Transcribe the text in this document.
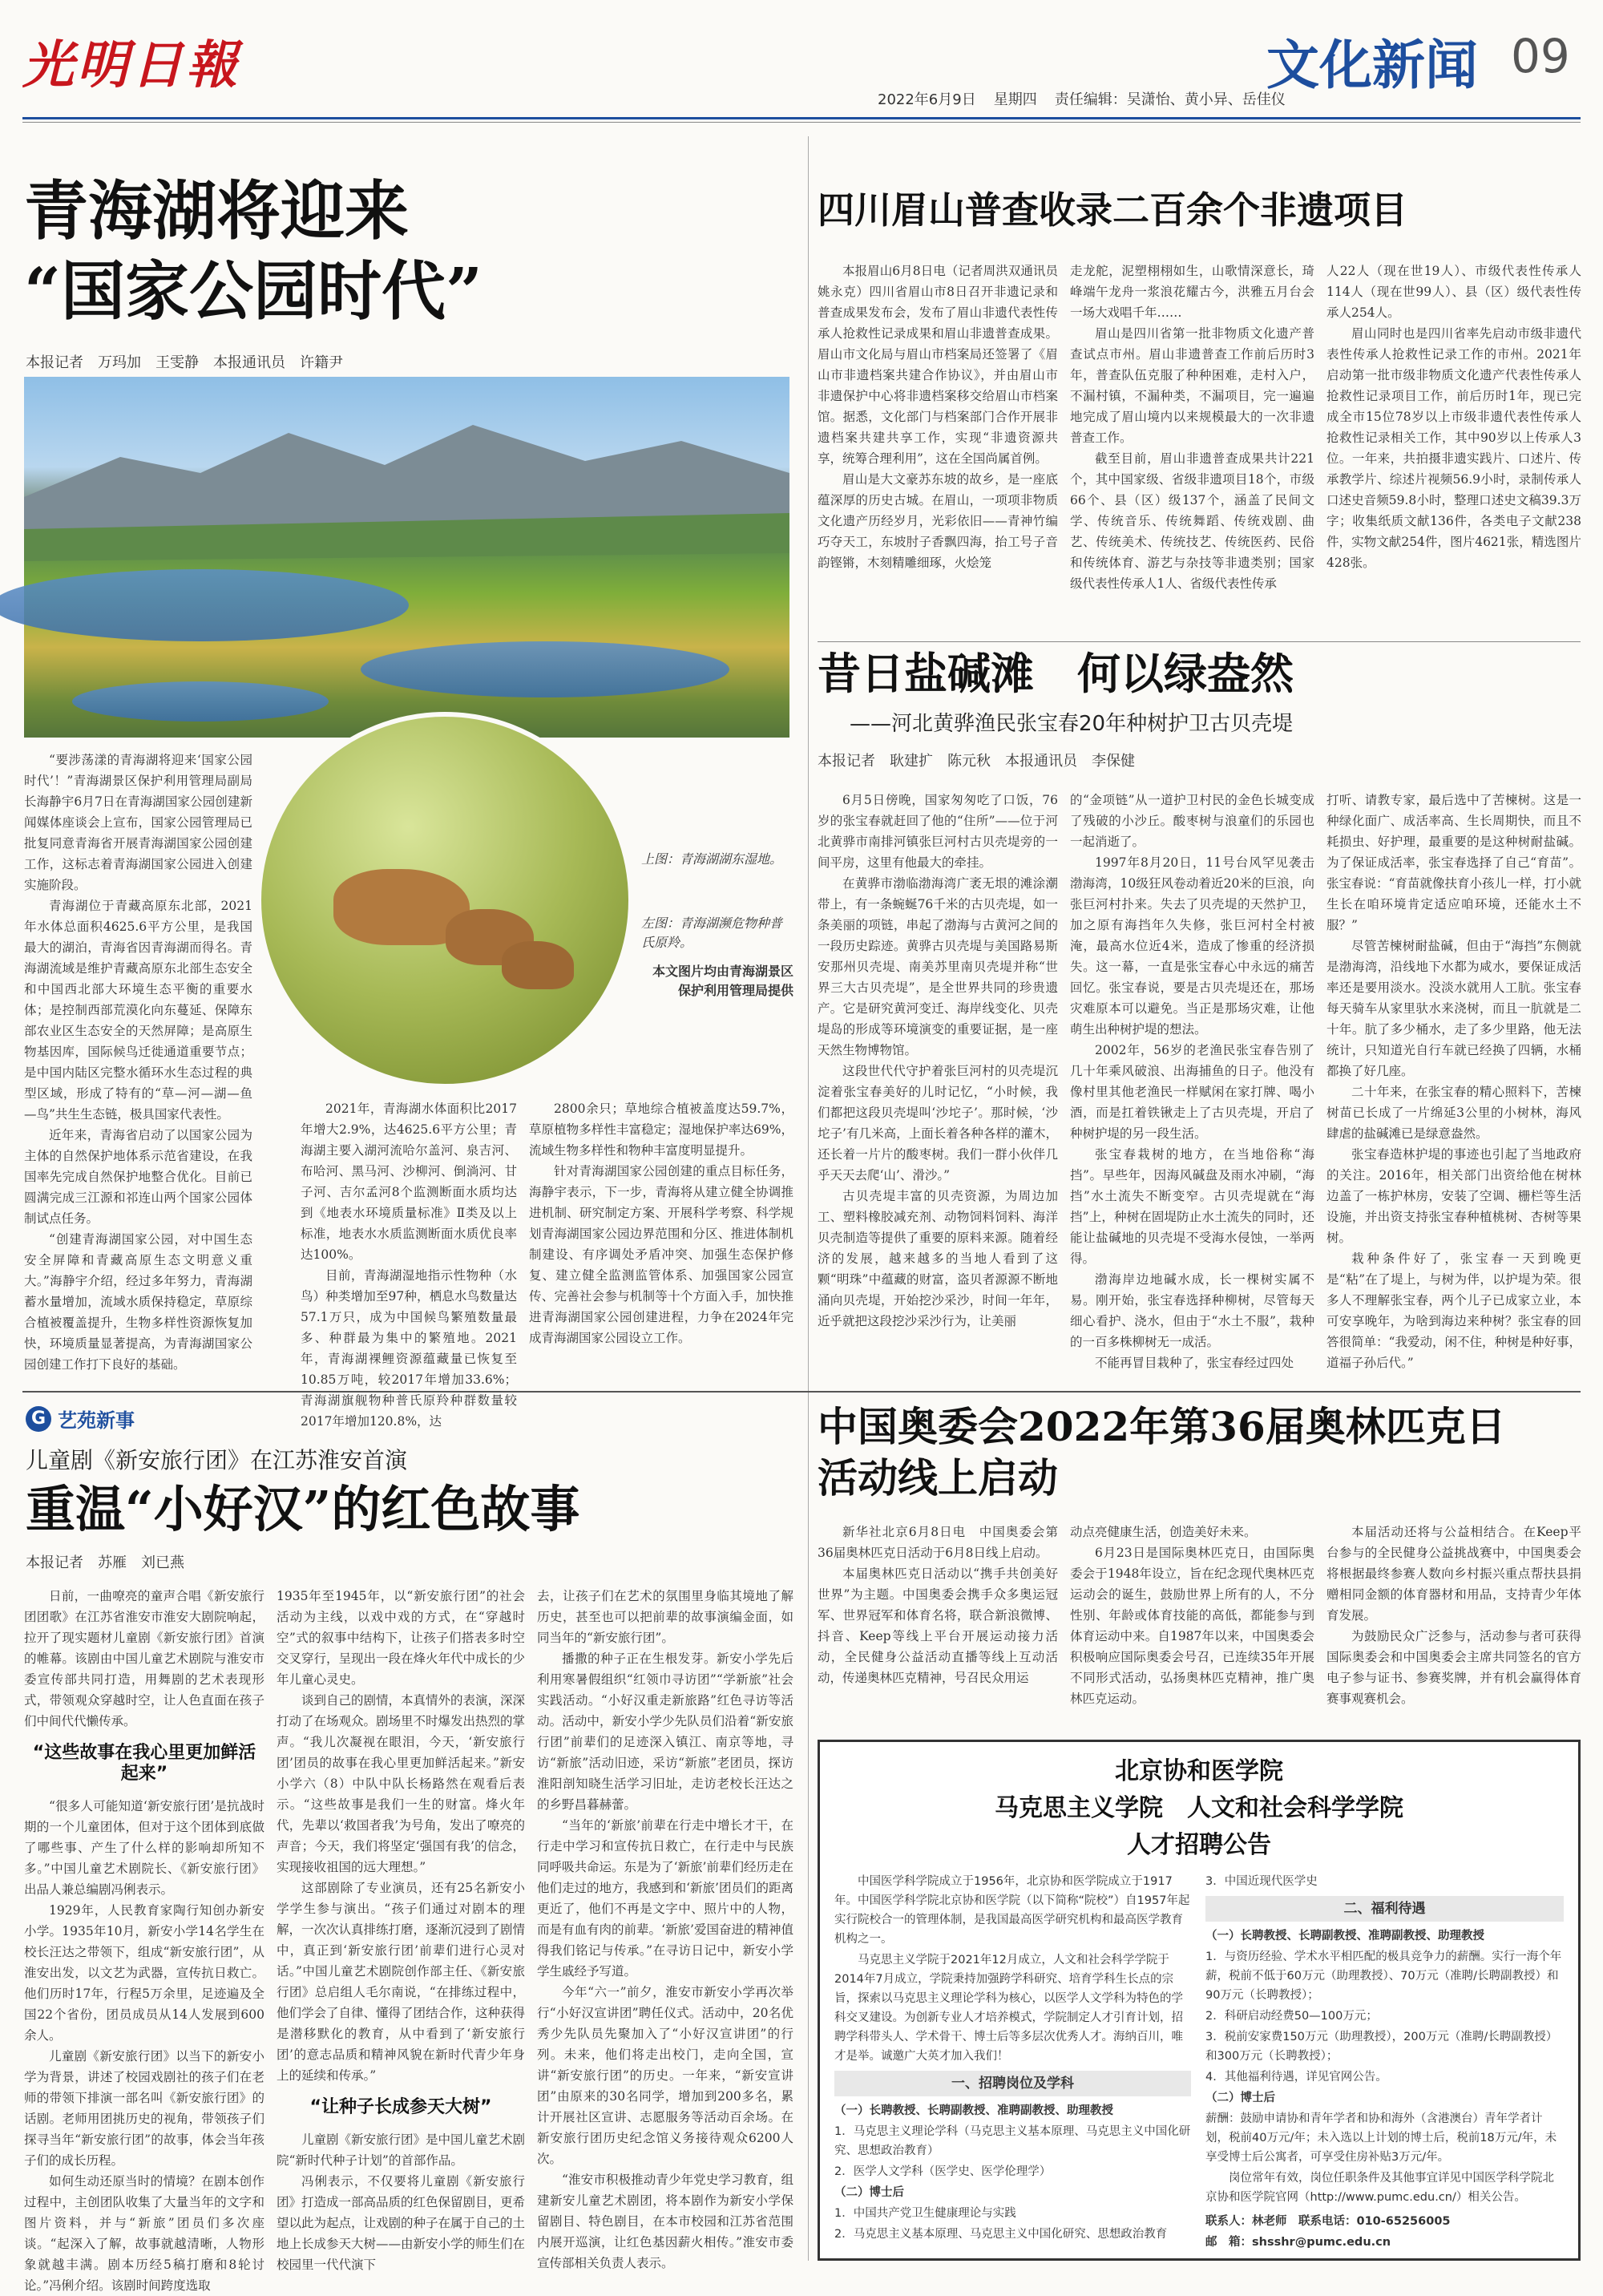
光明日報	文化新闻 09
2022年6月9日 星期四 责任编辑：吴潇怡、黄小异、岳佳仪
青海湖将迎来
“国家公园时代”
本报记者　万玛加　王雯静　本报通讯员　许籍尹
上图：青海湖湖东湿地。
左图：青海湖濒危物种普氏原羚。
本文图片均由青海湖景区保护利用管理局提供

“要涉荡漾的青海湖将迎来‘国家公园时代’！”青海湖景区保护利用管理局副局长海静宇6月7日在青海湖国家公园创建新闻媒体座谈会上宣布，国家公园管理局已批复同意青海省开展青海湖国家公园创建工作，这标志着青海湖国家公园进入创建实施阶段。

青海湖位于青藏高原东北部，2021年水体总面积4625.6平方公里，是我国最大的湖泊，青海省因青海湖而得名。青海湖流域是维护青藏高原东北部生态安全和中国西北部大环境生态平衡的重要水体；是控制西部荒漠化向东蔓延、保障东部农业区生态安全的天然屏障；是高原生物基因库，国际候鸟迁徙通道重要节点；是中国内陆区完整水循环水生态过程的典型区域，形成了特有的“草—河—湖—鱼—鸟”共生生态链，极具国家代表性。

近年来，青海省启动了以国家公园为主体的自然保护地体系示范省建设，在我国率先完成自然保护地整合优化。目前已圆满完成三江源和祁连山两个国家公园体制试点任务。

“创建青海湖国家公园，对中国生态安全屏障和青藏高原生态文明意义重大。”海静宇介绍，经过多年努力，青海湖蓄水量增加，流域水质保持稳定，草原综合植被覆盖提升，生物多样性资源恢复加快，环境质量显著提高，为青海湖国家公园创建工作打下良好的基础。

2021年，青海湖水体面积比2017年增大2.9%，达4625.6平方公里；青海湖主要入湖河流哈尔盖河、泉吉河、布哈河、黑马河、沙柳河、倒淌河、甘子河、吉尔孟河8个监测断面水质均达到《地表水环境质量标准》Ⅱ类及以上标准，地表水水质监测断面水质优良率达100%。

目前，青海湖湿地指示性物种（水鸟）种类增加至97种，栖息水鸟数量达57.1万只，成为中国候鸟繁殖数量最多、种群最为集中的繁殖地。2021年，青海湖裸鲤资源蕴藏量已恢复至10.85万吨，较2017年增加33.6%；青海湖旗舰物种普氏原羚种群数量较2017年增加120.8%，达

2800余只；草地综合植被盖度达59.7%，草原植物多样性丰富稳定；湿地保护率达69%，流域生物多样性和物种丰富度明显提升。

针对青海湖国家公园创建的重点目标任务，海静宇表示，下一步，青海将从建立健全协调推进机制、研究制定方案、开展科学考察、科学规划青海湖国家公园边界范围和分区、推进体制机制建设、有序调处矛盾冲突、加强生态保护修复、建立健全监测监管体系、加强国家公园宣传、完善社会参与机制等十个方面入手，加快推进青海湖国家公园创建进程，力争在2024年完成青海湖国家公园设立工作。

四川眉山普查收录二百余个非遗项目

本报眉山6月8日电（记者周洪双通讯员姚永克）四川省眉山市8日召开非遗记录和普查成果发布会，发布了眉山非遗代表性传承人抢救性记录成果和眉山非遗普查成果。眉山市文化局与眉山市档案局还签署了《眉山市非遗档案共建合作协议》，并由眉山市非遗保护中心将非遗档案移交给眉山市档案馆。据悉，文化部门与档案部门合作开展非遗档案共建共享工作，实现“非遗资源共享，统筹合理利用”，这在全国尚属首例。

眉山是大文豪苏东坡的故乡，是一座底蕴深厚的历史古城。在眉山，一项项非物质文化遗产历经岁月，光彩依旧——青神竹编巧夺天工，东坡肘子香飘四海，抬工号子音韵铿锵，木刻精雕细琢，火烩笼

走龙舵，泥塑栩栩如生，山歌情深意长，琦峰端午龙舟一浆浪花耀古今，洪雅五月台会一场大戏唱千年……

眉山是四川省第一批非物质文化遗产普查试点市州。眉山非遗普查工作前后历时3年，普查队伍克服了种种困难，走村入户，不漏村镇，不漏种类，不漏项目，完一遍遍地完成了眉山境内以来规模最大的一次非遗普查工作。

截至目前，眉山非遗普查成果共计221个，其中国家级、省级非遗项目18个，市级66个、县（区）级137个，涵盖了民间文学、传统音乐、传统舞蹈、传统戏剧、曲艺、传统美术、传统技艺、传统医药、民俗和传统体育、游艺与杂技等非遗类别；国家级代表性传承人1人、省级代表性传承

人22人（现在世19人）、市级代表性传承人114人（现在世99人）、县（区）级代表性传承人254人。

眉山同时也是四川省率先启动市级非遗代表性传承人抢救性记录工作的市州。2021年启动第一批市级非物质文化遗产代表性传承人抢救性记录项目工作，前后历时1年，现已完成全市15位78岁以上市级非遗代表性传承人抢救性记录相关工作，其中90岁以上传承人3位。一年来，共拍摄非遗实践片、口述片、传承教学片、综述片视频56.9小时，录制传承人口述史音频59.8小时，整理口述史文稿39.3万字；收集纸质文献136件，各类电子文献238件，实物文献254件，图片4621张，精选图片428张。

昔日盐碱滩　何以绿盎然
——河北黄骅渔民张宝春20年种树护卫古贝壳堤
本报记者　耿建扩　陈元秋　本报通讯员　李保健

6月5日傍晚，国家匆匆吃了口饭，76岁的张宝春就赶回了他的“住所”——位于河北黄骅市南排河镇张巨河村古贝壳堤旁的一间平房，这里有他最大的牵挂。

在黄骅市渤临渤海湾广袤无垠的滩涂潮带上，有一条蜿蜒76千米的古贝壳堤，如一条美丽的项链，串起了渤海与古黄河之间的一段历史踪迹。黄骅古贝壳堤与美国路易斯安那州贝壳堤、南美苏里南贝壳堤并称“世界三大古贝壳堤”，是全世界共同的珍贵遗产。它是研究黄河变迁、海岸线变化、贝壳堤岛的形成等环境演变的重要证据，是一座天然生物博物馆。

这段世代代守护着张巨河村的贝壳堤沉淀着张宝春美好的儿时记忆，“小时候，我们都把这段贝壳堤叫‘沙坨子’。那时候，‘沙坨子’有几米高，上面长着各种各样的灌木，还长着一片片的酸枣树。我们一群小伙伴几乎天天去爬‘山’、滑沙。”

古贝壳堤丰富的贝壳资源，为周边加工、塑料橡胶减充剂、动物饲料饲料、海洋贝壳制造等提供了重要的原料来源。随着经济的发展，越来越多的当地人看到了这颗“明珠”中蕴藏的财富，盗贝者源源不断地涌向贝壳堤，开始挖沙采沙，时间一年年，近乎就把这段挖沙采沙行为，让美丽

的“金项链”从一道护卫村民的金色长城变成了残破的小沙丘。酸枣树与浪童们的乐园也一起消逝了。

1997年8月20日，11号台风罕见袭击渤海湾，10级狂风卷动着近20米的巨浪，向张巨河村扑来。失去了贝壳堤的天然护卫，加之原有海挡年久失修，张巨河村全村被淹，最高水位近4米，造成了惨重的经济损失。这一幕，一直是张宝春心中永远的痛苦回忆。张宝春说，要是古贝壳堤还在，那场灾难原本可以避免。当正是那场灾难，让他萌生出种树护堤的想法。

2002年，56岁的老渔民张宝春告别了几十年乘风破浪、出海捕鱼的日子。他没有像村里其他老渔民一样赋闲在家打牌、喝小酒，而是扛着铁锹走上了古贝壳堤，开启了种树护堤的另一段生活。

张宝春栽树的地方，在当地俗称“海挡”。早些年，因海风碱盘及雨水冲刷，“海挡”水土流失不断变窄。古贝壳堤就在“海挡”上，种树在固堤防止水土流失的同时，还能让盐碱地的贝壳堤不受海水侵蚀，一举两得。

渤海岸边地碱水成，长一棵树实属不易。刚开始，张宝春选择种柳树，尽管每天细心看护、浇水，但由于“水土不服”，栽种的一百多株柳树无一成活。

不能再冒目栽种了，张宝春经过四处

打听、请教专家，最后选中了苦楝树。这是一种绿化面广、成活率高、生长周期快，而且不耗损虫、好护理，最重要的是这种树耐盐碱。为了保证成活率，张宝春选择了自己“育苗”。张宝春说：“育苗就像扶育小孩儿一样，打小就生长在咱环境肯定适应咱环境，还能水土不服？”

尽管苦楝树耐盐碱，但由于“海挡”东侧就是渤海湾，沿线地下水都为咸水，要保证成活率还是要用淡水。没淡水就用人工肮。张宝春每天骑车从家里驮水来浇树，而且一肮就是二十年。肮了多少桶水，走了多少里路，他无法统计，只知道光自行车就已经换了四辆，水桶都换了好几座。

二十年来，在张宝春的精心照料下，苦楝树苗已长成了一片绵延3公里的小树林，海风肆虐的盐碱滩已是绿意盎然。

张宝春造林护堤的事迹也引起了当地政府的关注。2016年，相关部门出资给他在树林边盖了一栋护林房，安装了空调、栅栏等生活设施，并出资支持张宝春种植桃树、杏树等果树。

栽种条件好了，张宝春一天到晚更是“粘”在了堤上，与树为伴，以护堤为荣。很多人不理解张宝春，两个儿子已成家立业，本可安享晚年，为啥到海边来种树？张宝春的回答很简单：“我爱动，闲不住，种树是种好事，道福子孙后代。”

G 艺苑新事
儿童剧《新安旅行团》在江苏淮安首演
重温“小好汉”的红色故事
本报记者　苏雁　刘已燕

日前，一曲嘹亮的童声合唱《新安旅行团团歌》在江苏省淮安市淮安大剧院响起，拉开了现实题材儿童剧《新安旅行团》首演的帷幕。该剧由中国儿童艺术剧院与淮安市委宣传部共同打造，用舞剧的艺术表现形式，带领观众穿越时空，让人色直面在孩子们中间代代懒传承。

“这些故事在我心里更加鲜活起来”

“很多人可能知道‘新安旅行团’是抗战时期的一个儿童团体，但对于这个团体到底做了哪些事、产生了什么样的影响却所知不多。”中国儿童艺术剧院长、《新安旅行团》出品人兼总编剧冯俐表示。

1929年，人民教育家陶行知创办新安小学。1935年10月，新安小学14名学生在校长汪达之带领下，组成“新安旅行团”，从淮安出发，以文艺为武器，宣传抗日救亡。他们历时17年，行程5万余里，足迹遍及全国22个省份，团员成员从14人发展到600余人。

儿童剧《新安旅行团》以当下的新安小学为背景，讲述了校园戏剧社的孩子们在老师的带领下排演一部名叫《新安旅行团》的话剧。老师用团挑历史的视角，带领孩子们探寻当年“新安旅行团”的故事，体会当年孩子们的成长历程。

如何生动还原当时的情境？在剧本创作过程中，主创团队收集了大量当年的文字和图片资料，并与“新旅”团员们多次座谈。“起深入了解，故事就越清晰，人物形象就越丰满。剧本历经5稿打磨和8轮讨论。”冯俐介绍。该剧时间跨度选取

1935年至1945年，以“新安旅行团”的社会活动为主线，以戏中戏的方式，在“穿越时空”式的叙事中结构下，让孩子们搭表多时空交叉穿行，呈现出一段在烽火年代中成长的少年儿童心灵史。

谈到自己的剧情，本真情外的表演，深深打动了在场观众。剧场里不时爆发出热烈的掌声。“我儿次凝视在眼泪，今天，‘新安旅行团’团员的故事在我心里更加鲜活起来。”新安小学六（8）中队中队长杨路然在观看后表示。“这些故事是我们一生的财富。烽火年代，先辈以‘救国者我’为号角，发出了嘹亮的声音；今天，我们将坚定‘强国有我’的信念，实现接收祖国的远大理想。”

这部剧除了专业演员，还有25名新安小学学生参与演出。“孩子们通过对剧本的理解，一次次认真排练打磨，逐渐沉浸到了剧情中，真正到‘新安旅行团’前辈们进行心灵对话。”中国儿童艺术剧院创作部主任、《新安旅行团》总启组人毛尔南说，“在排练过程中，他们学会了自律、懂得了团结合作，这种获得是潜移默化的教育，从中看到了‘新安旅行团’的意志品质和精神风貌在新时代青少年身上的延续和传承。”

“让种子长成参天大树”

儿童剧《新安旅行团》是中国儿童艺术剧院“新时代种子计划”的首部作品。

冯俐表示，不仅要将儿童剧《新安旅行团》打造成一部高品质的红色保留剧目，更希望以此为起点，让戏剧的种子在属于自己的土地上长成参天大树——由新安小学的师生们在校园里一代代演下

去，让孩子们在艺术的氛围里身临其境地了解历史，甚至也可以把前辈的故事演编金面，如同当年的“新安旅行团”。

播撒的种子正在生根发芽。新安小学先后利用寒暑假组织“红领巾寻访团”“学新旅”社会实践活动。“小好汉重走新旅路”红色寻访等活动。活动中，新安小学少先队员们沿着“新安旅行团”前辈们的足迹深入镇江、南京等地，寻访“新旅”活动旧迹，采访“新旅”老团员，探访淮阳剖知晓生活学习旧址，走访老校长汪达之的乡野昌暮赫蕾。

“当年的‘新旅’前辈在行走中增长才干，在行走中学习和宣传抗日救亡，在行走中与民族同呼吸共命运。东是为了‘新旅’前辈们经历走在他们走过的地方，我感到和‘新旅’团员们的距离更近了，他们不再是文字中、照片中的人物，而是有血有肉的前辈。‘新旅’爱国奋进的精神值得我们铭记与传承。”在寻访日记中，新安小学学生戚经予写道。

今年“六一”前夕，淮安市新安小学再次举行“小好汉宣讲团”聘任仪式。活动中，20名优秀少先队员先聚加入了“小好汉宣讲团”的行列。未来，他们将走出校门，走向全国，宣讲“新安旅行团”的历史。一年来，“新安宣讲团”由原来的30名同学，增加到200多名，累计开展社区宣讲、志愿服务等活动百余场。在新安旅行团历史纪念馆义务接待观众6200人次。

“淮安市积极推动青少年党史学习教育，组建新安儿童艺术剧团，将本剧作为新安小学保留剧目、特色剧目，在本市校园和江苏省范围内展开巡演，让红色基因薪火相传。”淮安市委宣传部相关负责人表示。

中国奥委会2022年第36届奥林匹克日
活动线上启动

新华社北京6月8日电　中国奥委会第36届奥林匹克日活动于6月8日线上启动。

本届奥林匹克日活动以“携手共创美好世界”为主题。中国奥委会携手众多奥运冠军、世界冠军和体育名将，联合新浪微博、抖音、Keep等线上平台开展运动接力活动，全民健身公益活动直播等线上互动活动，传递奥林匹克精神，号召民众用运

动点亮健康生活，创造美好未来。

6月23日是国际奥林匹克日，由国际奥委会于1948年设立，旨在纪念现代奥林匹克运动会的诞生，鼓励世界上所有的人，不分性别、年龄或体育技能的高低，都能参与到体育运动中来。自1987年以来，中国奥委会积极响应国际奥委会号召，已连续35年开展不同形式活动，弘扬奥林匹克精神，推广奥林匹克运动。

本届活动还将与公益相结合。在Keep平台参与的全民健身公益挑战赛中，中国奥委会将根据最终参赛人数向乡村振兴重点帮扶县捐赠相同金额的体育器材和用品，支持青少年体育发展。

为鼓励民众广泛参与，活动参与者可获得国际奥委会和中国奥委会主席共同签名的官方电子参与证书、参赛奖牌，并有机会赢得体育赛事观赛机会。

北京协和医学院
马克思主义学院　人文和社会科学学院
人才招聘公告

中国医学科学院成立于1956年，北京协和医学院成立于1917年。中国医学科学院北京协和医学院（以下简称“院校”）自1957年起实行院校合一的管理体制，是我国最高医学研究机构和最高医学教育机构之一。

马克思主义学院于2021年12月成立，人文和社会科学学院于2014年7月成立，学院秉持加强跨学科研究、培育学科生长点的宗旨，探索以马克思主义理论学科为核心，以医学人文学科为特色的学科交叉建设。为创新专业人才培养模式，学院制定人才引育计划，招聘学科带头人、学术骨干、博士后等多层次优秀人才。海纳百川，唯才是举。诚邀广大英才加入我们！

一、招聘岗位及学科

（一）长聘教授、长聘副教授、准聘副教授、助理教授

1．马克思主义理论学科（马克思主义基本原理、马克思主义中国化研究、思想政治教育）

2．医学人文学科（医学史、医学伦理学）

（二）博士后

1．中国共产党卫生健康理论与实践

2．马克思主义基本原理、马克思主义中国化研究、思想政治教育

3．中国近现代医学史

二、福利待遇

（一）长聘教授、长聘副教授、准聘副教授、助理教授

1．与资历经验、学术水平相匹配的极具竞争力的薪酬。实行一海个年薪，税前不低于60万元（助理教授）、70万元（准聘/长聘副教授）和90万元（长聘教授）；

2．科研启动经费50—100万元；

3．税前安家费150万元（助理教授），200万元（准聘/长聘副教授）和300万元（长聘教授）；

4．其他福利待遇，详见官网公告。

（二）博士后

薪酬：鼓励申请协和青年学者和协和海外（含港澳台）青年学者计划，税前40万元/年；未入选以上计划的博士后，税前18万元/年，未享受博士后公寓者，可享受住房补贴3万元/年。

岗位常年有效，岗位任职条件及其他事宜详见中国医学科学院北京协和医学院官网（http://www.pumc.edu.cn/）相关公告。

联系人：林老师　联系电话：010-65256005

邮　箱：shsshr@pumc.edu.cn
